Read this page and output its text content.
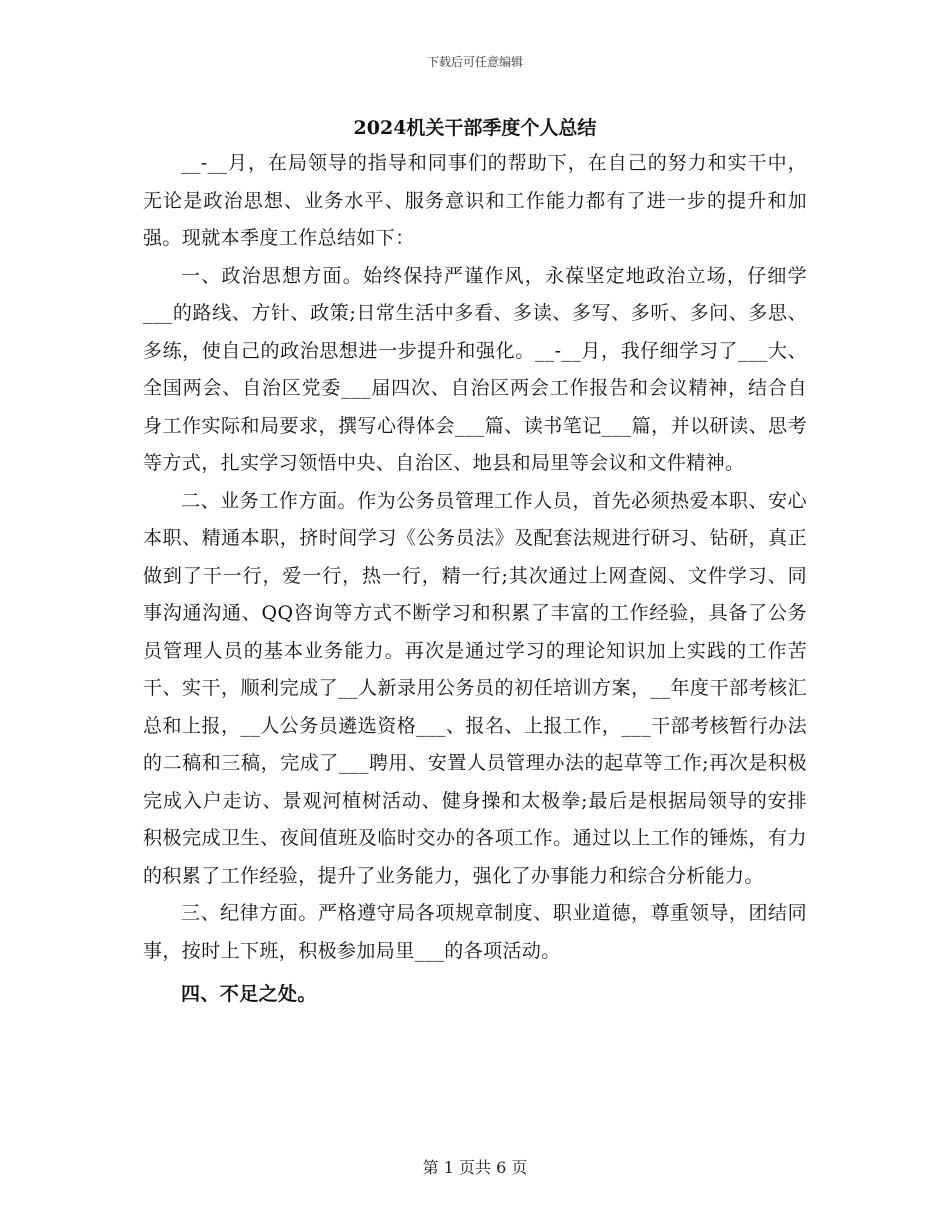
下载后可任意编辑
2024机关干部季度个人总结

__-__月，在局领导的指导和同事们的帮助下，在自己的努力和实干中，无论是政治思想、业务水平、服务意识和工作能力都有了进一步的提升和加强。现就本季度工作总结如下：

一、政治思想方面。始终保持严谨作风，永葆坚定地政治立场，仔细学___的路线、方针、政策;日常生活中多看、多读、多写、多听、多问、多思、多练，使自己的政治思想进一步提升和强化。__-__月，我仔细学习了___大、全国两会、自治区党委___届四次、自治区两会工作报告和会议精神，结合自身工作实际和局要求，撰写心得体会___篇、读书笔记___篇，并以研读、思考等方式，扎实学习领悟中央、自治区、地县和局里等会议和文件精神。

二、业务工作方面。作为公务员管理工作人员，首先必须热爱本职、安心本职、精通本职，挤时间学习《公务员法》及配套法规进行研习、钻研，真正做到了干一行，爱一行，热一行，精一行;其次通过上网查阅、文件学习、同事沟通沟通、QQ咨询等方式不断学习和积累了丰富的工作经验，具备了公务员管理人员的基本业务能力。再次是通过学习的理论知识加上实践的工作苦干、实干，顺利完成了__人新录用公务员的初任培训方案，__年度干部考核汇总和上报，__人公务员遴选资格___、报名、上报工作，___干部考核暂行办法的二稿和三稿，完成了___聘用、安置人员管理办法的起草等工作;再次是积极完成入户走访、景观河植树活动、健身操和太极拳;最后是根据局领导的安排积极完成卫生、夜间值班及临时交办的各项工作。通过以上工作的锤炼，有力的积累了工作经验，提升了业务能力，强化了办事能力和综合分析能力。

三、纪律方面。严格遵守局各项规章制度、职业道德，尊重领导，团结同事，按时上下班，积极参加局里___的各项活动。

四、不足之处。

第 1 页共 6 页
